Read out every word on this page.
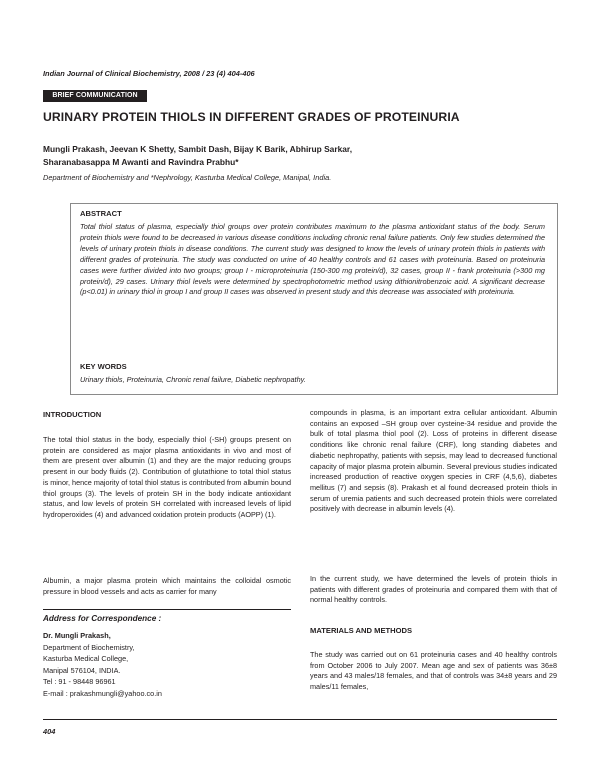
Indian Journal of Clinical Biochemistry, 2008 / 23 (4) 404-406
BRIEF COMMUNICATION
URINARY PROTEIN THIOLS IN DIFFERENT GRADES OF PROTEINURIA
Mungli Prakash, Jeevan K Shetty, Sambit Dash, Bijay K Barik, Abhirup Sarkar,
Sharanabasappa M Awanti and Ravindra Prabhu*
Department of Biochemistry and *Nephrology, Kasturba Medical College, Manipal, India.
ABSTRACT
Total thiol status of plasma, especially thiol groups over protein contributes maximum to the plasma antioxidant status of the body. Serum protein thiols were found to be decreased in various disease conditions including chronic renal failure patients. Only few studies determined the levels of urinary protein thiols in disease conditions. The current study was designed to know the levels of urinary protein thiols in patients with different grades of proteinuria. The study was conducted on urine of 40 healthy controls and 61 cases with proteinuria. Based on proteinuria cases were further divided into two groups; group I - microproteinuria (150-300 mg protein/d), 32 cases, group II - frank proteinuria (>300 mg protein/d), 29 cases. Urinary thiol levels were determined by spectrophotometric method using dithionitrobenzoic acid. A significant decrease (p<0.01) in urinary thiol in group I and group II cases was observed in present study and this decrease was associated with proteinuria.
KEY WORDS
Urinary thiols, Proteinuria, Chronic renal failure, Diabetic nephropathy.
INTRODUCTION
The total thiol status in the body, especially thiol (-SH) groups present on protein are considered as major plasma antioxidants in vivo and most of them are present over albumin (1) and they are the major reducing groups present in our body fluids (2). Contribution of glutathione to total thiol status is minor, hence majority of total thiol status is contributed from albumin bound thiol groups (3). The levels of protein SH in the body indicate antioxidant status, and low levels of protein SH correlated with increased levels of lipid hydroperoxides (4) and advanced oxidation protein products (AOPP) (1).
Albumin, a major plasma protein which maintains the colloidal osmotic pressure in blood vessels and acts as carrier for many
Address for Correspondence :
Dr. Mungli Prakash,
Department of Biochemistry,
Kasturba Medical College,
Manipal 576104, INDIA.
Tel : 91 - 98448 96961
E-mail : prakashmungli@yahoo.co.in
compounds in plasma, is an important extra cellular antioxidant. Albumin contains an exposed –SH group over cysteine-34 residue and provide the bulk of total plasma thiol pool (2). Loss of proteins in different disease conditions like chronic renal failure (CRF), long standing diabetes and diabetic nephropathy, patients with sepsis, may lead to decreased functional capacity of major plasma protein albumin. Several previous studies indicated increased production of reactive oxygen species in CRF (4,5,6), diabetes mellitus (7) and sepsis (8). Prakash et al found decreased protein thiols in serum of uremia patients and such decreased protein thiols were correlated positively with decrease in albumin levels (4).
In the current study, we have determined the levels of protein thiols in patients with different grades of proteinuria and compared them with that of normal healthy controls.
MATERIALS AND METHODS
The study was carried out on 61 proteinuria cases and 40 healthy controls from October 2006 to July 2007. Mean age and sex of patients was 36±8 years and 43 males/18 females, and that of controls was 34±8 years and 29 males/11 females,
404
